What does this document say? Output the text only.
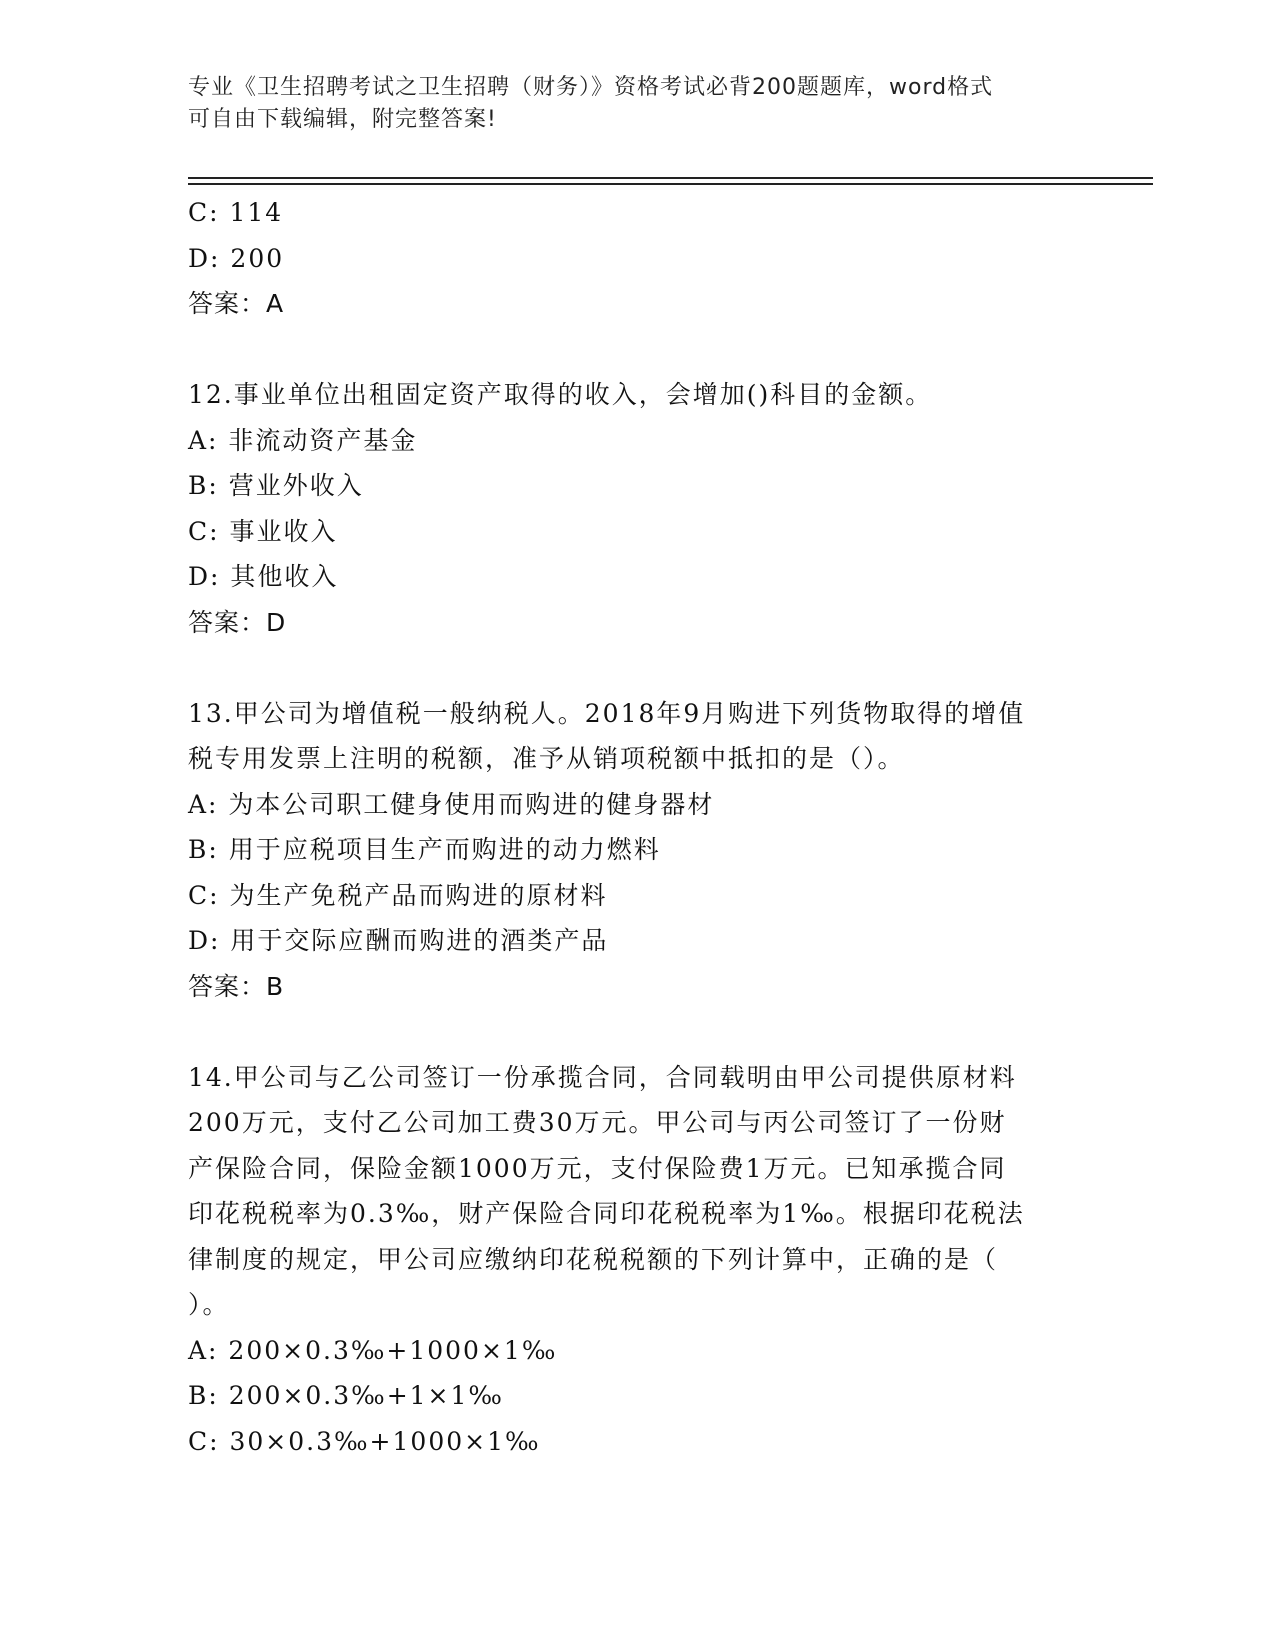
专业《卫生招聘考试之卫生招聘（财务）》资格考试必背200题题库，word格式
可自由下载编辑，附完整答案!
C: 114
D: 200
答案：A
12.事业单位出租固定资产取得的收入，会增加()科目的金额。
A: 非流动资产基金
B: 营业外收入
C: 事业收入
D: 其他收入
答案：D
13.甲公司为增值税一般纳税人。2018年9月购进下列货物取得的增值
税专用发票上注明的税额，准予从销项税额中抵扣的是（）。
A: 为本公司职工健身使用而购进的健身器材
B: 用于应税项目生产而购进的动力燃料
C: 为生产免税产品而购进的原材料
D: 用于交际应酬而购进的酒类产品
答案：B
14.甲公司与乙公司签订一份承揽合同，合同载明由甲公司提供原材料
200万元，支付乙公司加工费30万元。甲公司与丙公司签订了一份财
产保险合同，保险金额1000万元，支付保险费1万元。已知承揽合同
印花税税率为0.3‰，财产保险合同印花税税率为1‰。根据印花税法
律制度的规定，甲公司应缴纳印花税税额的下列计算中，正确的是（
）。
A: 200×0.3‰+1000×1‰
B: 200×0.3‰+1×1‰
C: 30×0.3‰+1000×1‰
